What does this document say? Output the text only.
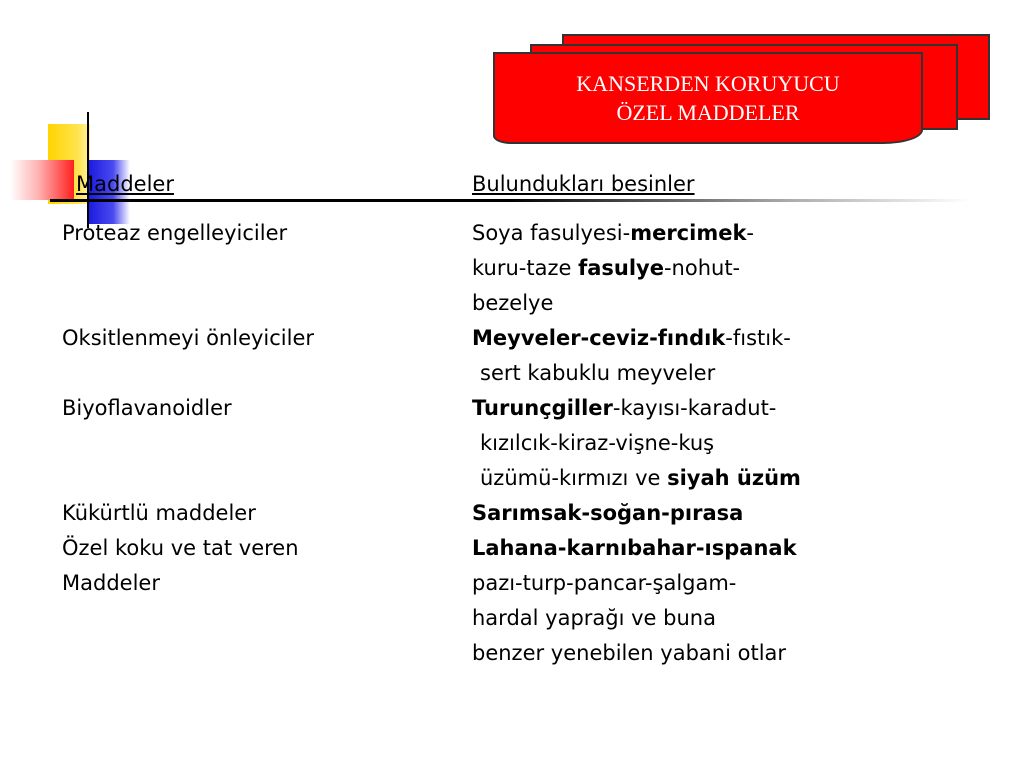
KANSERDEN KORUYUCU
ÖZEL MADDELER
Maddeler	Bulundukları besinler
Proteaz engelleyiciler	Soya fasulyesi-mercimek-
kuru-taze fasulye-nohut-
bezelye
Oksitlenmeyi önleyiciler	Meyveler-ceviz-fındık-fıstık-
sert kabuklu meyveler
Biyoflavanoidler	Turunçgiller-kayısı-karadut-
kızılcık-kiraz-vişne-kuş
üzümü-kırmızı ve siyah üzüm
Kükürtlü maddeler	Sarımsak-soğan-pırasa
Özel koku ve tat veren	Lahana-karnıbahar-ıspanak
Maddeler	pazı-turp-pancar-şalgam-
hardal yaprağı ve buna
benzer yenebilen yabani otlar
